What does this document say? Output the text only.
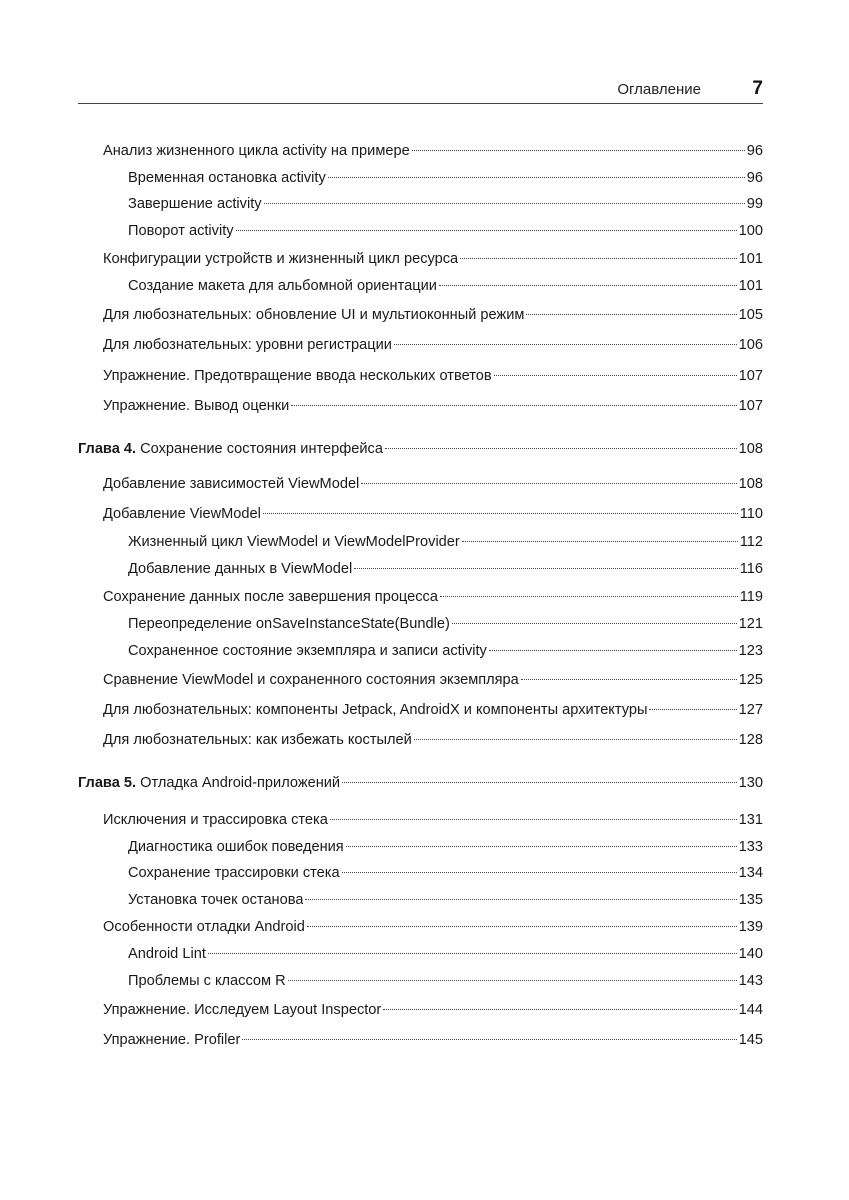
Оглавление	7
Анализ жизненного цикла activity на примере	96
Временная остановка activity	96
Завершение activity	99
Поворот activity	100
Конфигурации устройств и жизненный цикл ресурса	101
Создание макета для альбомной ориентации	101
Для любознательных: обновление UI и мультиоконный режим	105
Для любознательных: уровни регистрации	106
Упражнение. Предотвращение ввода нескольких ответов	107
Упражнение. Вывод оценки	107
Глава 4. Сохранение состояния интерфейса	108
Добавление зависимостей ViewModel	108
Добавление ViewModel	110
Жизненный цикл ViewModel и ViewModelProvider	112
Добавление данных в ViewModel	116
Сохранение данных после завершения процесса	119
Переопределение onSaveInstanceState(Bundle)	121
Сохраненное состояние экземпляра и записи activity	123
Сравнение ViewModel и сохраненного состояния экземпляра	125
Для любознательных: компоненты Jetpack, AndroidX и компоненты архитектуры	127
Для любознательных: как избежать костылей	128
Глава 5. Отладка Android-приложений	130
Исключения и трассировка стека	131
Диагностика ошибок поведения	133
Сохранение трассировки стека	134
Установка точек останова	135
Особенности отладки Android	139
Android Lint	140
Проблемы с классом R	143
Упражнение. Исследуем Layout Inspector	144
Упражнение. Profiler	145
